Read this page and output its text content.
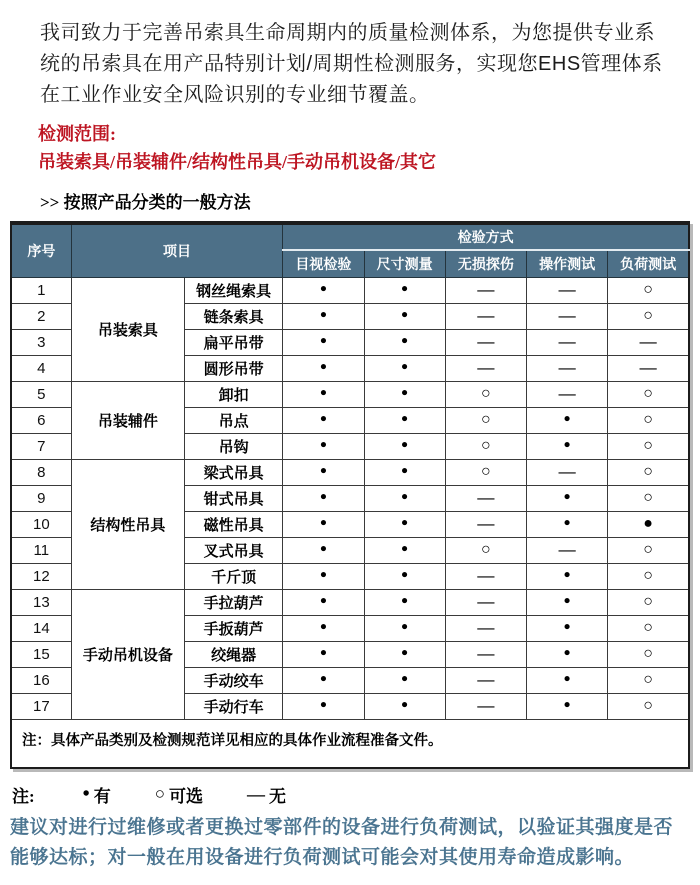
我司致力于完善吊索具生命周期内的质量检测体系，为您提供专业系统的吊索具在用产品特别计划/周期性检测服务，实现您EHS管理体系在工业作业安全风险识别的专业细节覆盖。

检测范围:
吊装索具/吊装辅件/结构性吊具/手动吊机设备/其它
>> 按照产品分类的一般方法
序号	项目		检验方式				
			目视检验	尺寸测量	无损探伤	操作测试	负荷测试
1	吊装索具	钢丝绳索具	•	•	—	—	○
2		链条索具	•	•	—	—	○
3		扁平吊带	•	•	—	—	—
4		圆形吊带	•	•	—	—	—
5	吊装辅件	卸扣	•	•	○	—	○
6		吊点	•	•	○	•	○
7		吊钩	•	•	○	•	○
8	结构性吊具	梁式吊具	•	•	○	—	○
9		钳式吊具	•	•	—	•	○
10		磁性吊具	•	•	—	•	●
11		叉式吊具	•	•	○	—	○
12		千斤顶	•	•	—	•	○
13	手动吊机设备	手拉葫芦	•	•	—	•	○
14		手扳葫芦	•	•	—	•	○
15		绞绳器	•	•	—	•	○
16		手动绞车	•	•	—	•	○
17		手动行车	•	•	—	•	○
注：具体产品类别及检测规范详见相应的具体作业流程准备文件。							
注: • 有	○ 可选 — 无

建议对进行过维修或者更换过零部件的设备进行负荷测试，以验证其强度是否能够达标；对一般在用设备进行负荷测试可能会对其使用寿命造成影响。
